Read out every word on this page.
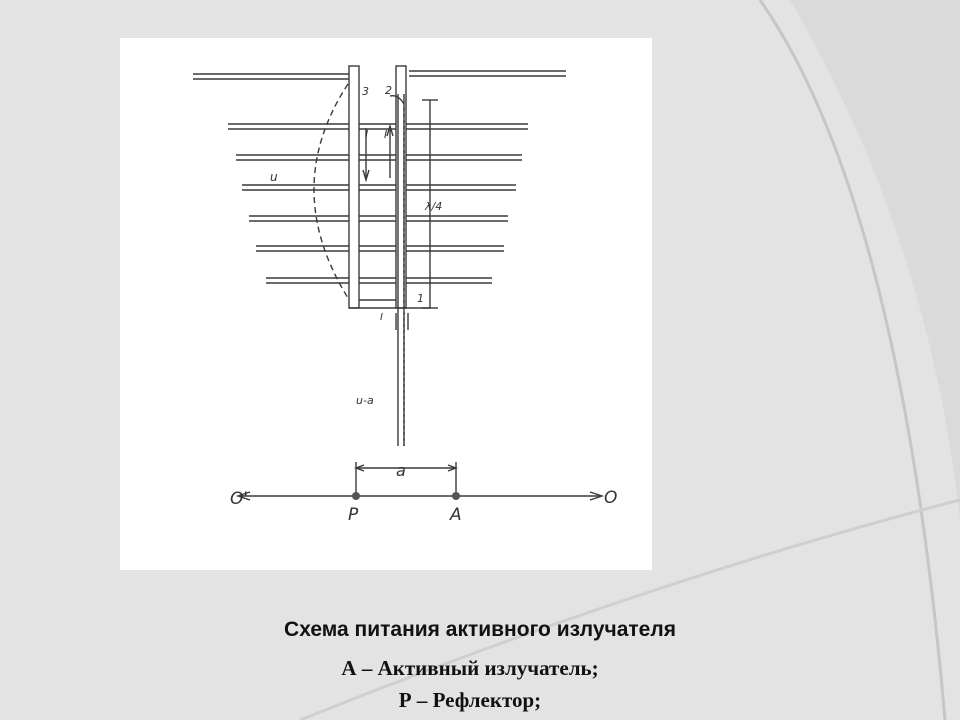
3 2
1
I I
u
λ/4
I
u-a
a
O'	O
P	A
Схема питания активного излучателя
А – Активный излучатель;
Р – Рефлектор;
